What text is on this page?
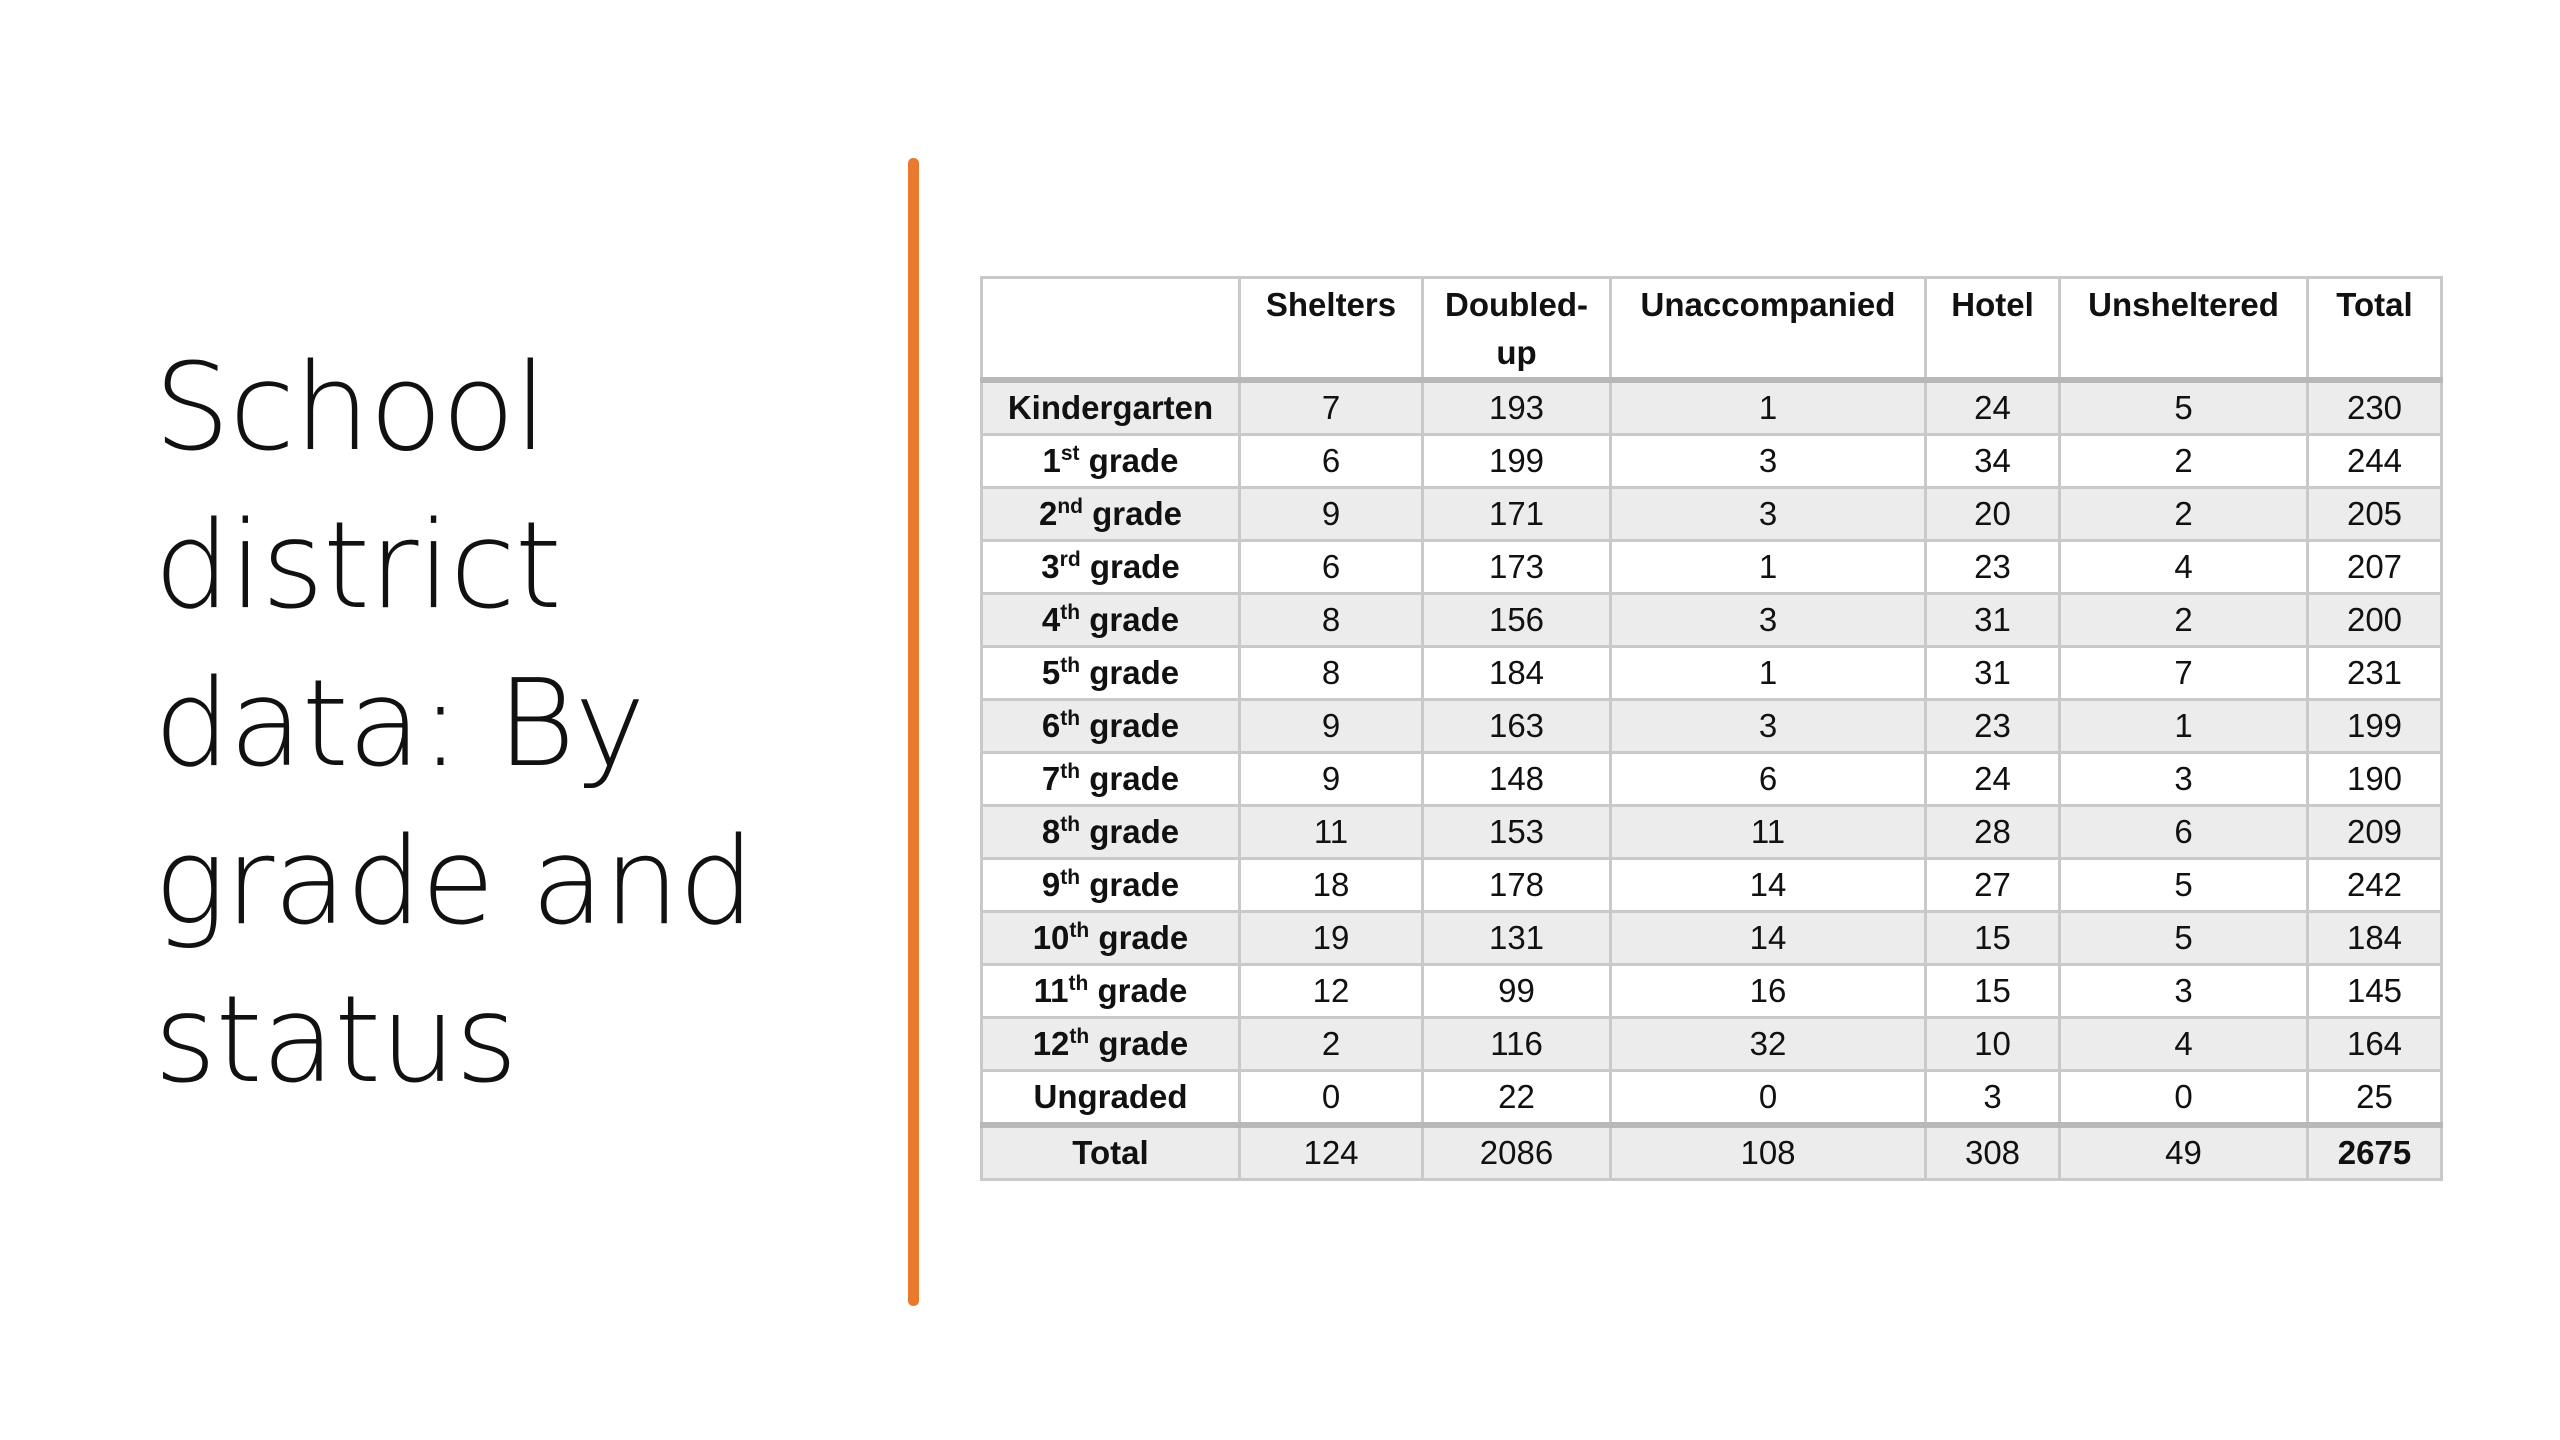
School
district
data: By
grade and
status
	Shelters	Doubled-up	Unaccompanied	Hotel	Unsheltered	Total
Kindergarten	7	193	1	24	5	230
1st grade	6	199	3	34	2	244
2nd grade	9	171	3	20	2	205
3rd grade	6	173	1	23	4	207
4th grade	8	156	3	31	2	200
5th grade	8	184	1	31	7	231
6th grade	9	163	3	23	1	199
7th grade	9	148	6	24	3	190
8th grade	11	153	11	28	6	209
9th grade	18	178	14	27	5	242
10th grade	19	131	14	15	5	184
11th grade	12	99	16	15	3	145
12th grade	2	116	32	10	4	164
Ungraded	0	22	0	3	0	25
Total	124	2086	108	308	49	2675
